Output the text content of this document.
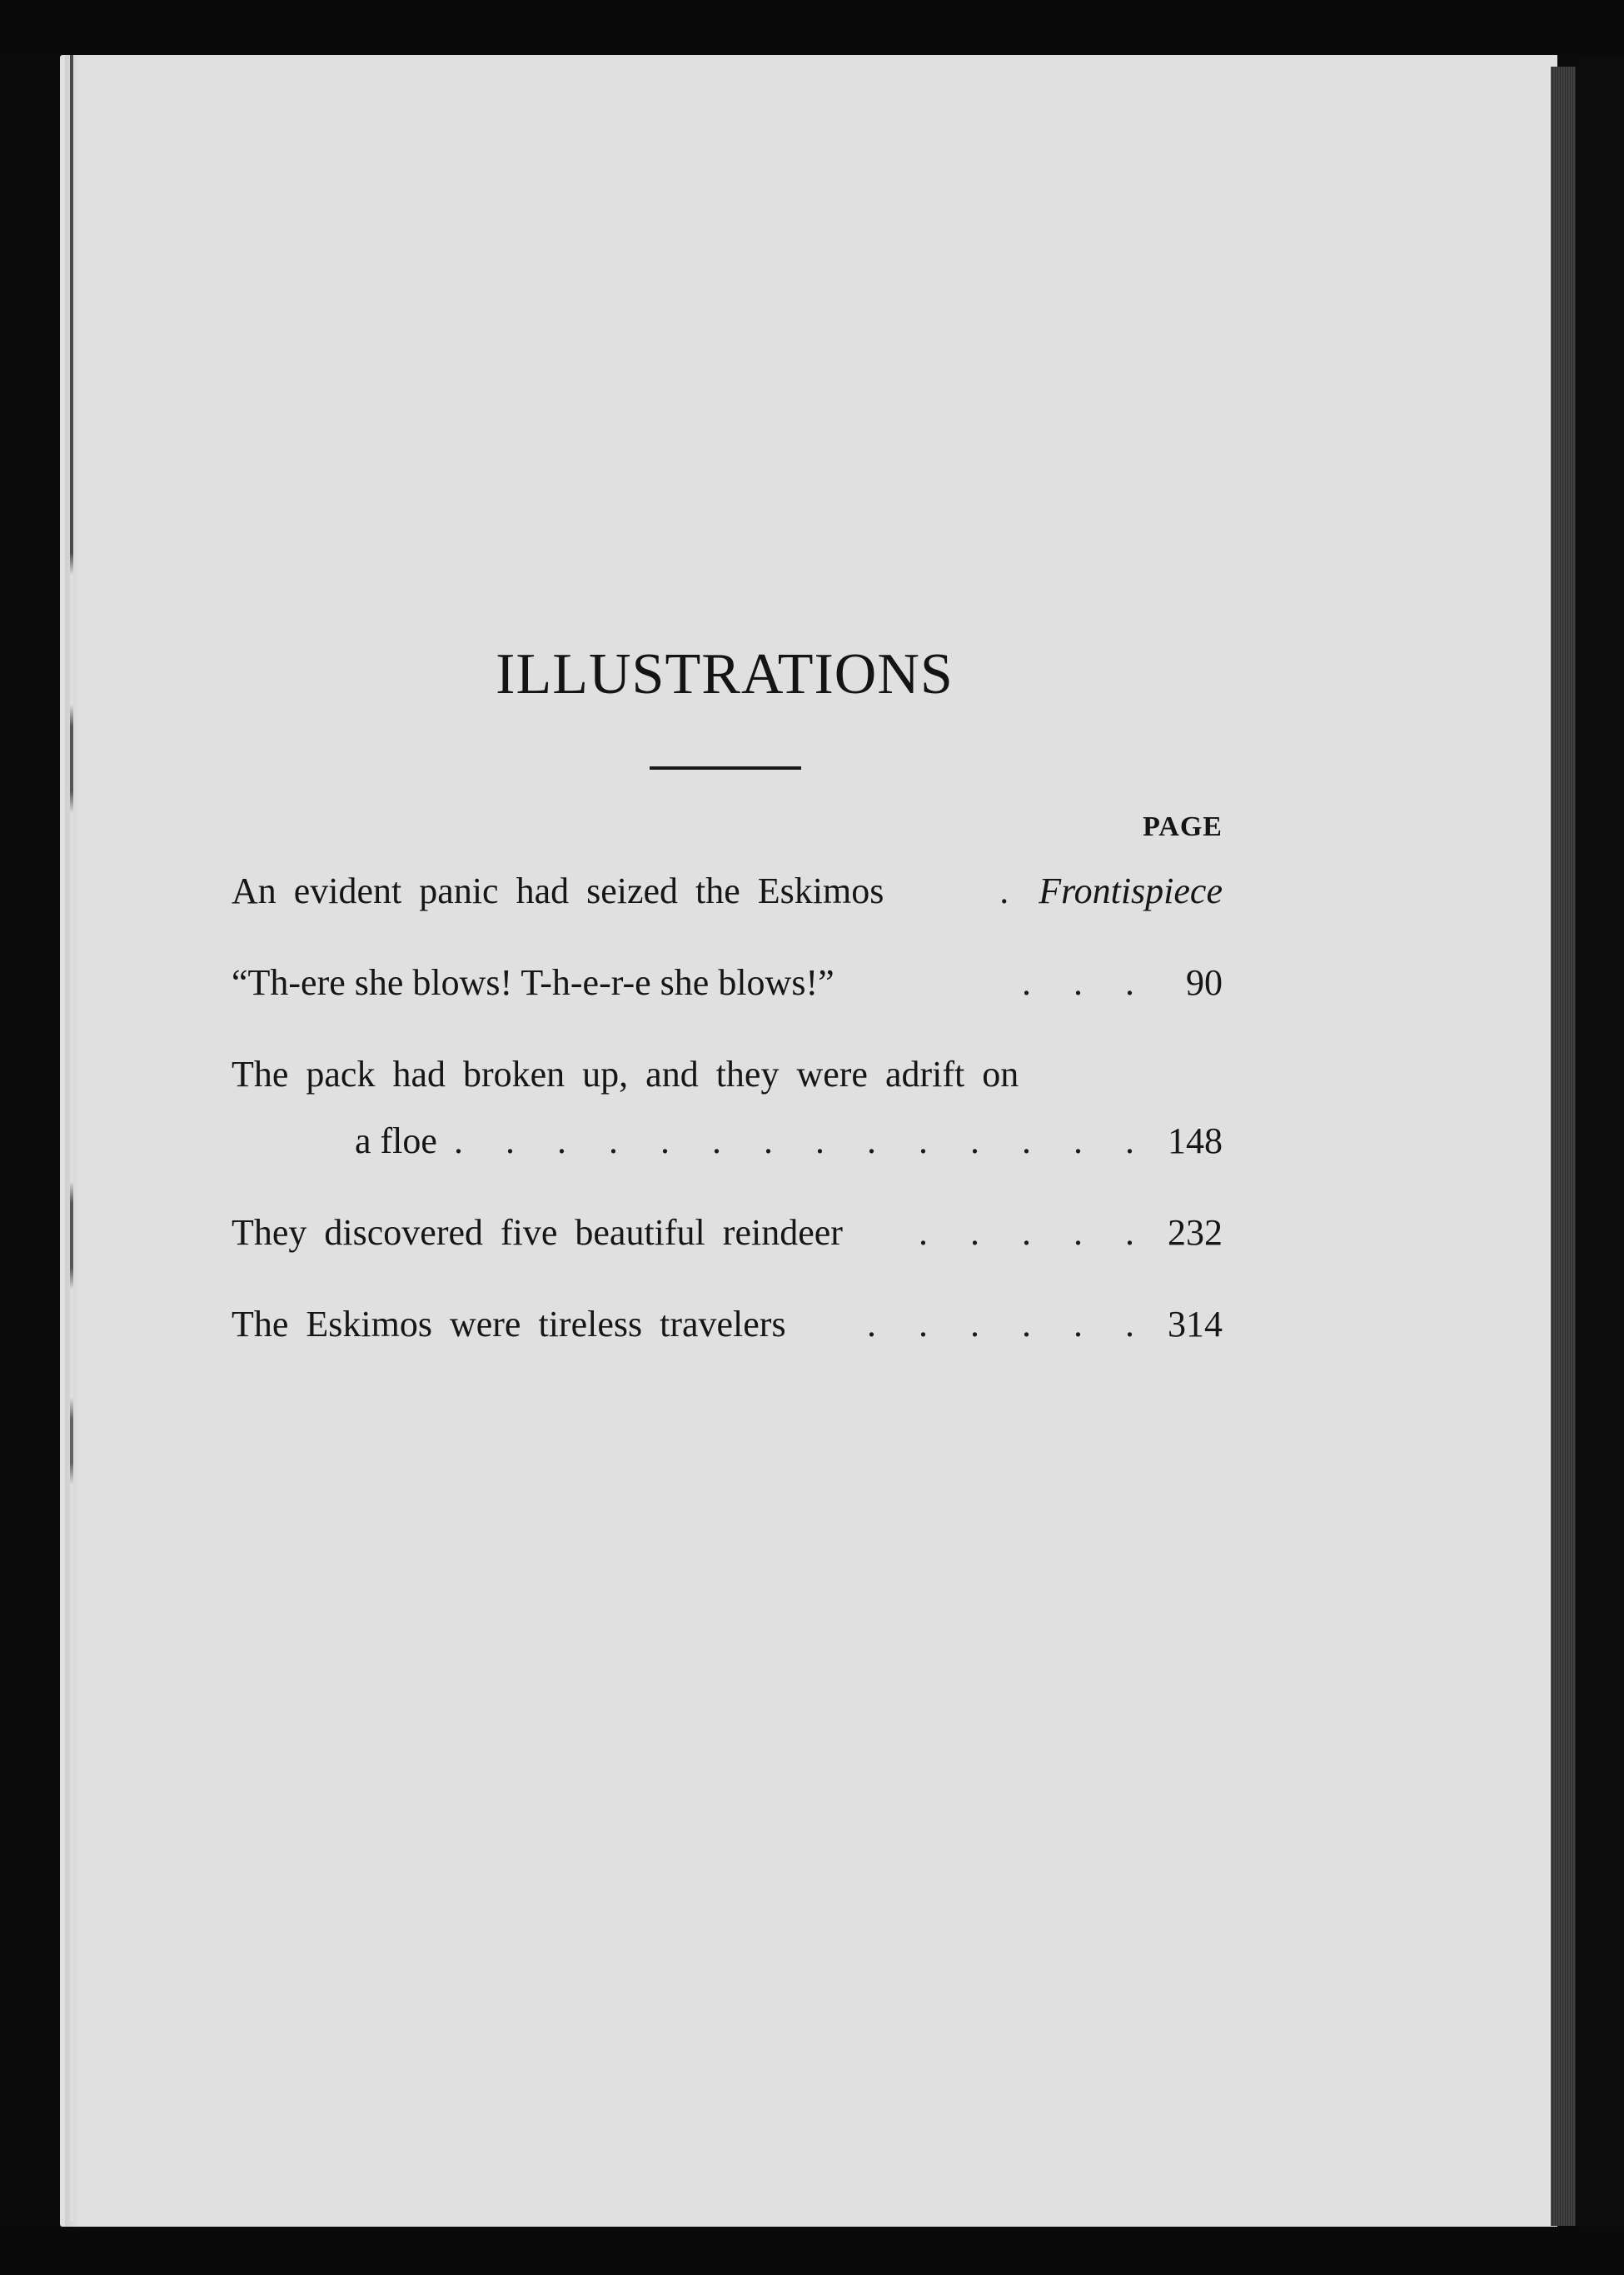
ILLUSTRATIONS
PAGE
An evident panic had seized the Eskimos	. Frontispiece
“Th-ere she blows! T-h-e-r-e she blows!”	. . . 90
The pack had broken up, and they were adrift on
a floe . . . . . . . . . . . . . . 148
They discovered five beautiful reindeer	. . . . . 232
The Eskimos were tireless travelers	. . . . . . 314
